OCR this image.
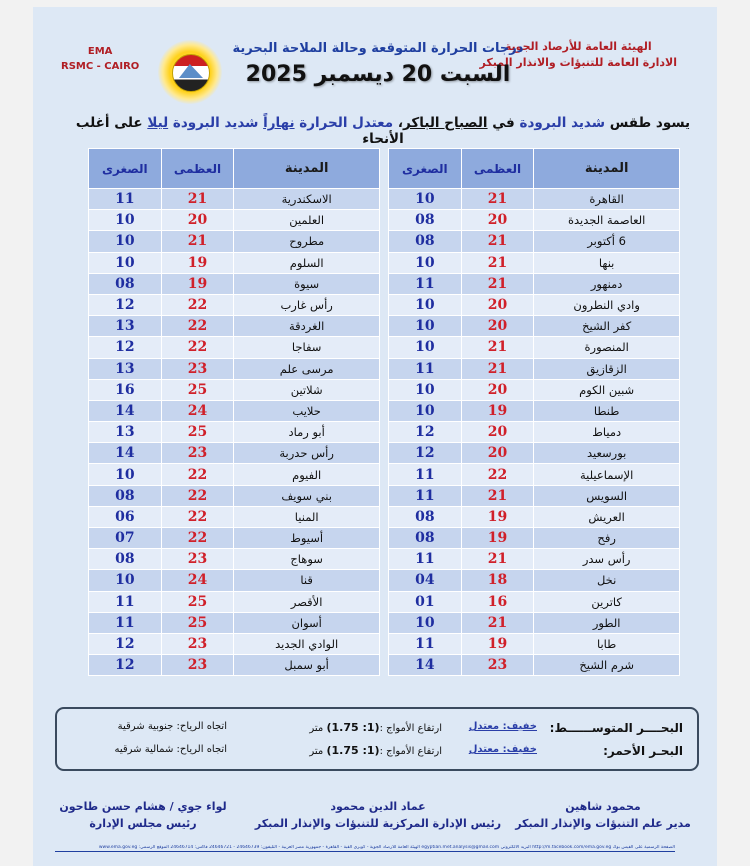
الهيئة العامة للأرصاد الجوية
الادارة العامة للتنبؤات والانذار المبكر
EMA
RSMC - CAIRO
درجات الحرارة المتوقعة وحالة الملاحة البحرية
السبت 20 ديسمبر 2025
يسود طقس شديد البرودة في الصباح الباكر، معتدل الحرارة نهاراً شديد البرودة ليلا على أغلب الأنحاء
المدينة	العظمى	الصغرى
القاهرة	21	10
العاصمة الجديدة	20	08
6 أكتوبر	21	08
بنها	21	10
دمنهور	21	11
وادي النطرون	20	10
كفر الشيخ	20	10
المنصورة	21	10
الزقازيق	21	11
شبين الكوم	20	10
طنطا	19	10
دمياط	20	12
بورسعيد	20	12
الإسماعيلية	22	11
السويس	21	11
العريش	19	08
رفح	19	08
رأس سدر	21	11
نخل	18	04
كاترين	16	01
الطور	21	10
طابا	19	11
شرم الشيخ	23	14
المدينة	العظمى	الصغرى
الاسكندرية	21	11
العلمين	20	10
مطروح	21	10
السلوم	19	10
سيوة	19	08
رأس غارب	22	12
الغردقة	22	13
سفاجا	22	12
مرسى علم	23	13
شلاتين	25	16
حلايب	24	14
أبو رماد	25	13
رأس حدربة	23	14
الفيوم	22	10
بني سويف	22	08
المنيا	22	06
أسيوط	22	07
سوهاج	23	08
قنا	24	10
الأقصر	25	11
أسوان	25	11
الوادي الجديد	23	12
أبو سمبل	23	12
البحــــر المتوســــــط:
خفيف: معتدل
ارتفاع الأمواج :(1: 1.75) متر
اتجاه الرياح: جنوبية شرقية
البحـر الأحمر:
خفيف: معتدل
ارتفاع الأمواج :(1: 1.75) متر
اتجاه الرياح: شمالية شرقيه
محمود شاهين
مدير علم التنبؤات والإنذار المبكر
عماد الدين محمود
رئيس الإدارة المركزية للتنبؤات والإنذار المبكر
لواء جوي / هشام حسن طاحون
رئيس مجلس الإدارة
الصفحة الرسمية على الفيس بوك http://m.facebook.com/ema.gov.eg البريد الالكتروني egyptian.met.analysis@gmail.com الهيئة العامة للأرصاد الجوية - كوبري القبة - القاهرة - جمهورية مصر العربية - التليفون: 24646739 - 24646721 فاكس: 24646714 الموقع الرسمي: www.ema.gov.eg
